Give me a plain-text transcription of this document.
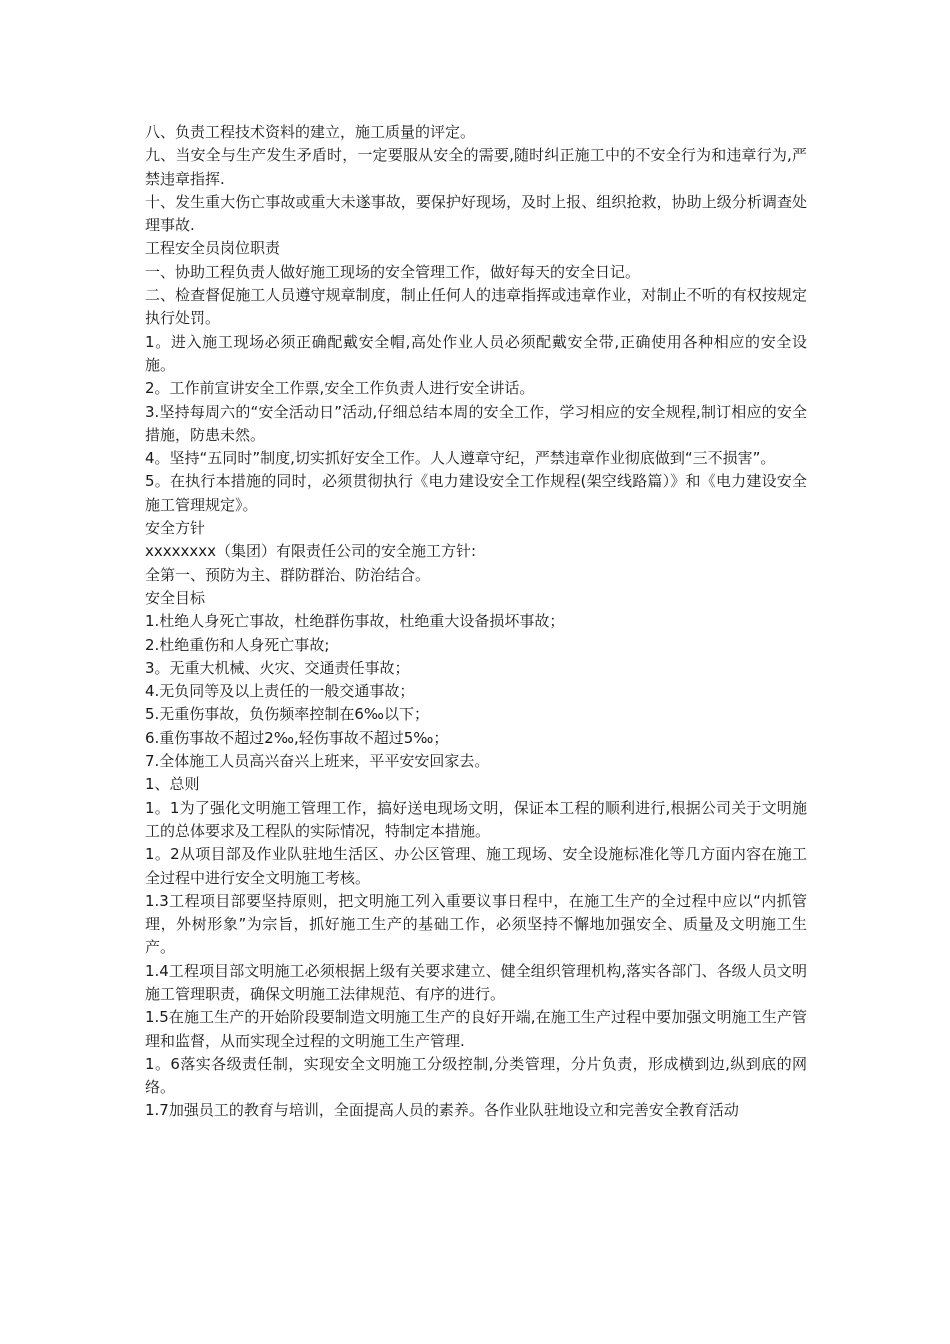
八、负责工程技术资料的建立，施工质量的评定。

九、当安全与生产发生矛盾时，一定要服从安全的需要,随时纠正施工中的不安全行为和违章行为,严禁违章指挥.

十、发生重大伤亡事故或重大未遂事故，要保护好现场，及时上报、组织抢救，协助上级分析调查处理事故.

工程安全员岗位职责

一、协助工程负责人做好施工现场的安全管理工作，做好每天的安全日记。

二、检查督促施工人员遵守规章制度，制止任何人的违章指挥或违章作业，对制止不听的有权按规定执行处罚。

1。进入施工现场必须正确配戴安全帽,高处作业人员必须配戴安全带,正确使用各种相应的安全设施。

2。工作前宣讲安全工作票,安全工作负责人进行安全讲话。

3.坚持每周六的“安全活动日”活动,仔细总结本周的安全工作，学习相应的安全规程,制订相应的安全措施，防患未然。

4。坚持“五同时”制度,切实抓好安全工作。人人遵章守纪，严禁违章作业彻底做到“三不损害”。

5。在执行本措施的同时，必须贯彻执行《电力建设安全工作规程(架空线路篇）》和《电力建设安全施工管理规定》。

安全方针

xxxxxxxx（集团）有限责任公司的安全施工方针:

全第一、预防为主、群防群治、防治结合。

安全目标

1.杜绝人身死亡事故，杜绝群伤事故，杜绝重大设备损坏事故；

2.杜绝重伤和人身死亡事故;

3。无重大机械、火灾、交通责任事故；

4.无负同等及以上责任的一般交通事故；

5.无重伤事故，负伤频率控制在6‰以下；

6.重伤事故不超过2‰,轻伤事故不超过5‰；

7.全体施工人员高兴奋兴上班来，平平安安回家去。

1、总则

1。1为了强化文明施工管理工作，搞好送电现场文明，保证本工程的顺利进行,根据公司关于文明施工的总体要求及工程队的实际情况，特制定本措施。

1。2从项目部及作业队驻地生活区、办公区管理、施工现场、安全设施标准化等几方面内容在施工全过程中进行安全文明施工考核。

1.3工程项目部要坚持原则，把文明施工列入重要议事日程中，在施工生产的全过程中应以“内抓管理，外树形象”为宗旨，抓好施工生产的基础工作，必须坚持不懈地加强安全、质量及文明施工生产。

1.4工程项目部文明施工必须根据上级有关要求建立、健全组织管理机构,落实各部门、各级人员文明施工管理职责，确保文明施工法律规范、有序的进行。

1.5在施工生产的开始阶段要制造文明施工生产的良好开端,在施工生产过程中要加强文明施工生产管理和监督，从而实现全过程的文明施工生产管理.

1。6落实各级责任制，实现安全文明施工分级控制,分类管理，分片负责，形成横到边,纵到底的网络。

1.7加强员工的教育与培训，全面提高人员的素养。各作业队驻地设立和完善安全教育活动
